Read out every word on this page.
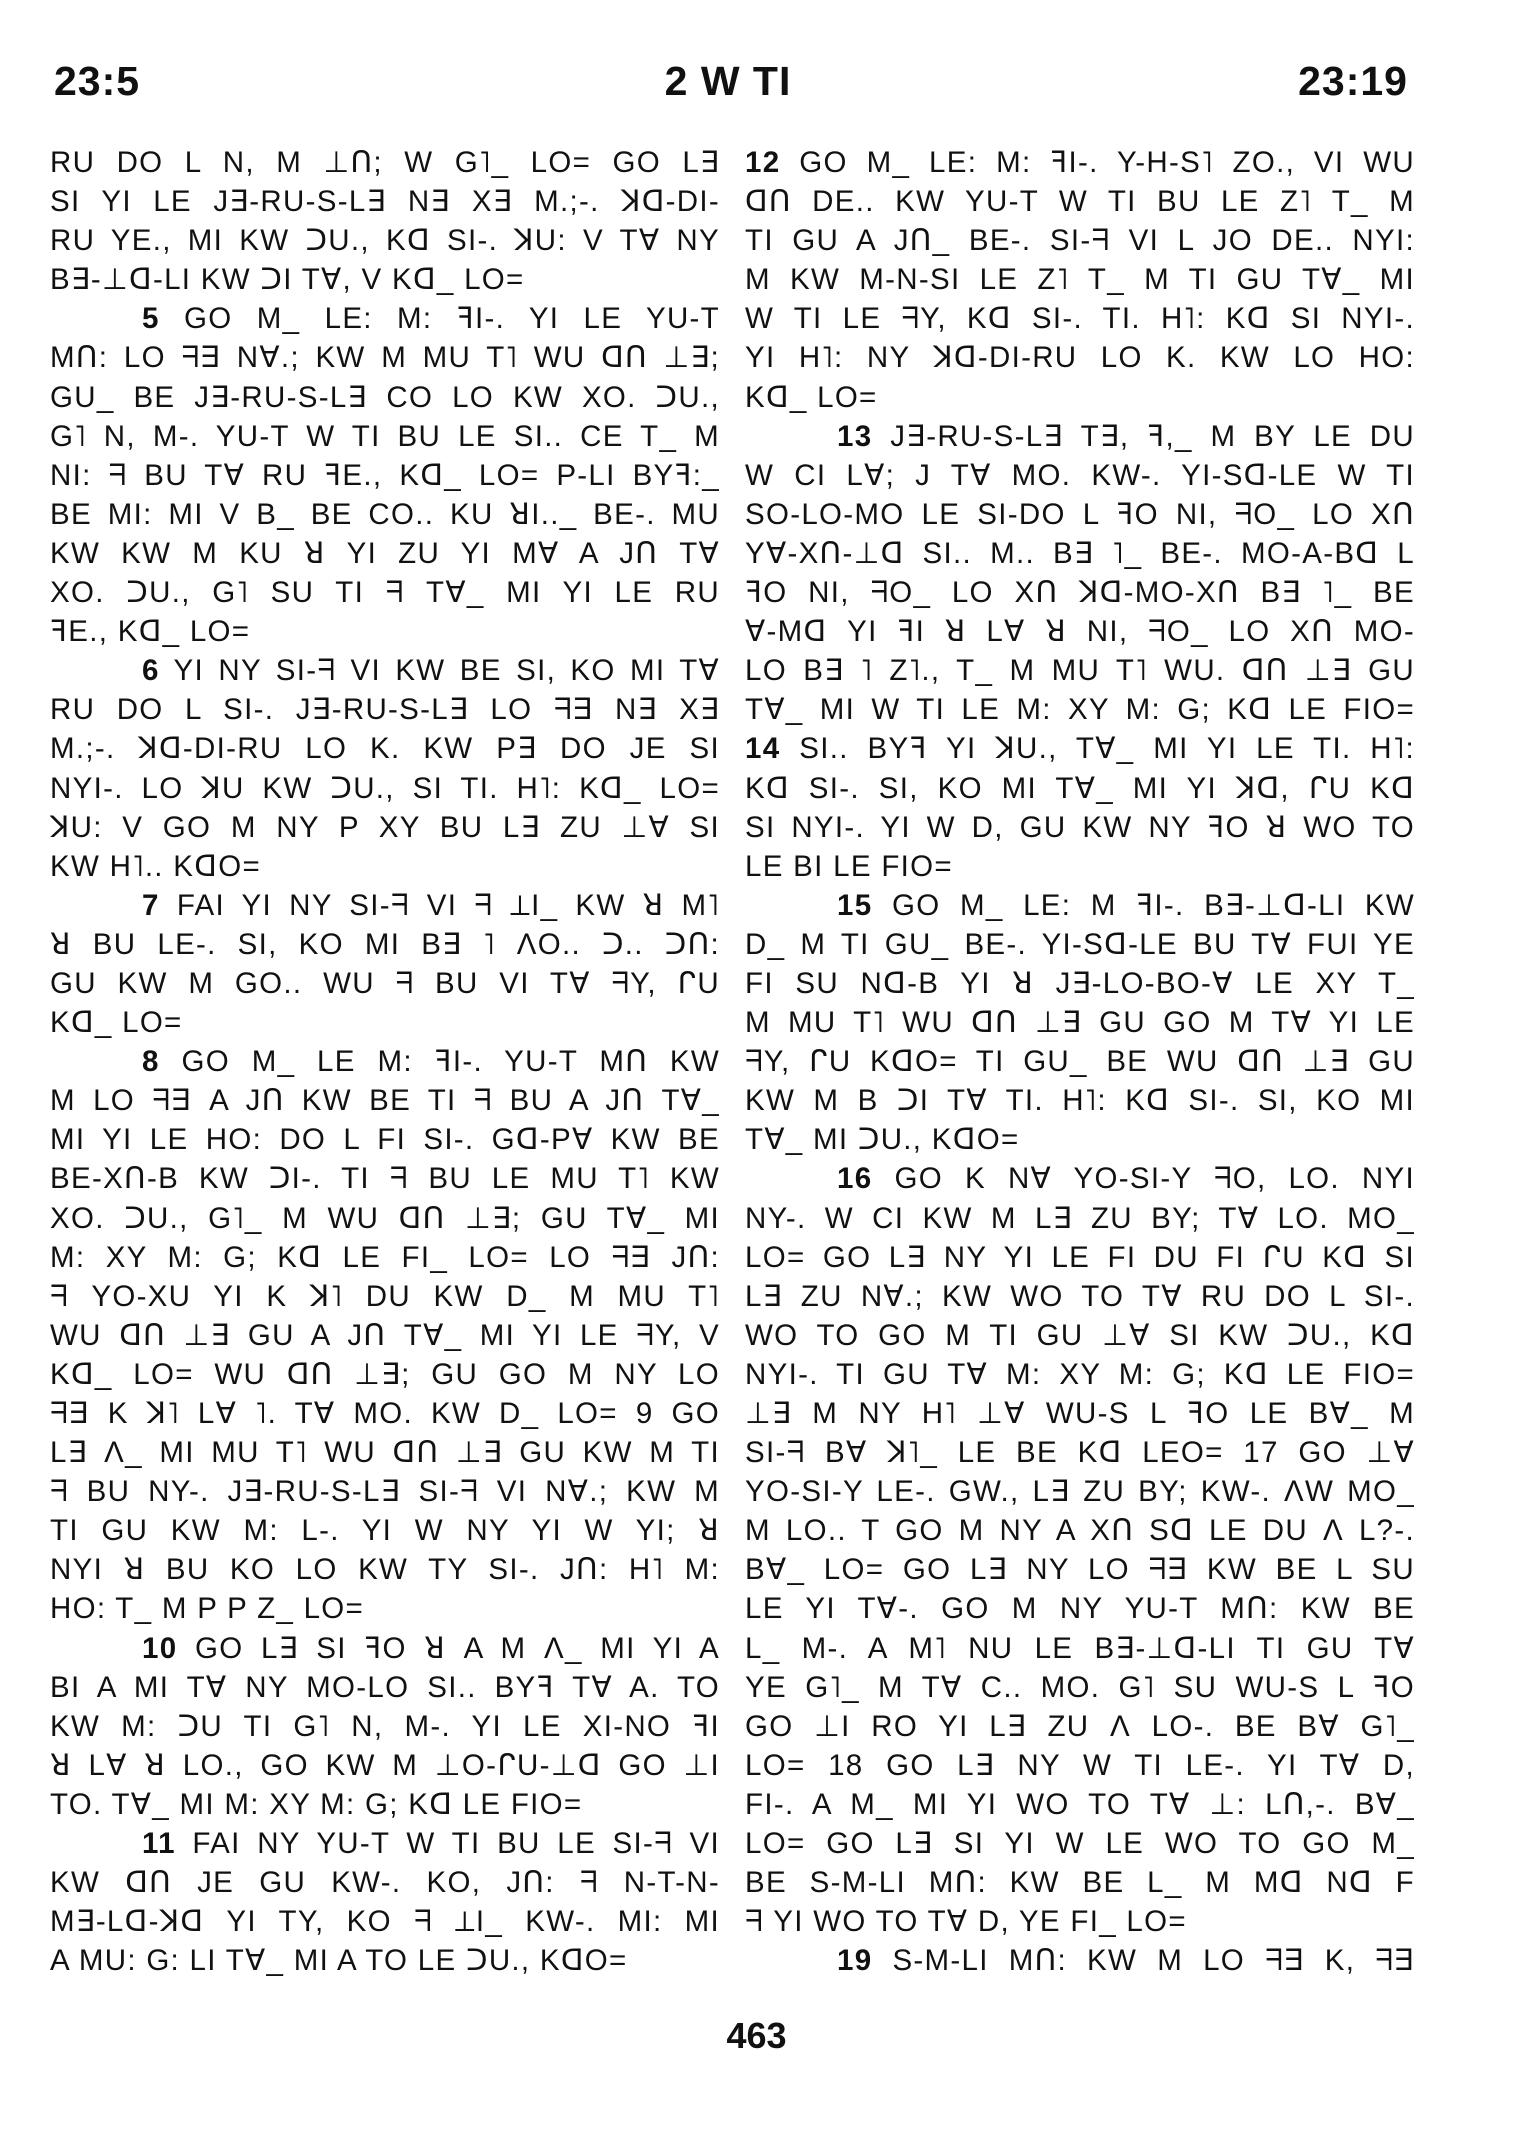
23:5	2 W TI	23:19
RU DO L N, M ⊥ᑎ; W G˥_ LO= GO L∃
SI YI LE J∃-RU-S-L∃ N∃ X∃ M.;-. ꓘᗡ-DI-
RU YE., MI KW ᑐU., Kᗡ SI-. ꓘU: V TⱯ NY
B∃-⊥ᗡ-LI KW ᑐI TⱯ, V Kᗡ_ LO=
5 GO M_ LE: M: ꟻI-. YI LE YU-T
Mᑎ: LO ᖷ∃ NⱯ.; KW M MU T˥ WU ᗡᑎ ⊥∃;
GU_ BE J∃-RU-S-L∃ CO LO KW XO. ᑐU.,
G˥ N, M-. YU-T W TI BU LE SI.. CE T_ M
NI: ᖷ BU TⱯ RU ꟻE., Kᗡ_ LO= P-LI BYꟻ:_
BE MI: MI V B_ BE CO.. KU ꓤI.._ BE-. MU
KW KW M KU ꓤ YI ZU YI MⱯ A Jᑎ TⱯ
XO. ᑐU., G˥ SU TI ᖷ TⱯ_ MI YI LE RU
ꟻE., Kᗡ_ LO=
6 YI NY SI-ᖷ VI KW BE SI, KO MI TⱯ
RU DO L SI-. J∃-RU-S-L∃ LO ᖷ∃ N∃ X∃
M.;-. ꓘᗡ-DI-RU LO K. KW P∃ DO JE SI
NYI-. LO ꓘU KW ᑐU., SI TI. H˥: Kᗡ_ LO=
ꓘU: V GO M NY P XY BU L∃ ZU ⊥Ɐ SI
KW H˥.. KᗡO=
7 FAI YI NY SI-ᖷ VI ᖷ ⊥I_ KW ꓤ M˥
ꓤ BU LE-. SI, KO MI B∃ ˥ ɅO.. ᑐ.. ᑐᑎ:
GU KW M GO.. WU ᖷ BU VI TⱯ ᖷY, ᒋU
Kᗡ_ LO=
8 GO M_ LE M: ꟻI-. YU-T Mᑎ KW
M LO ᖷ∃ A Jᑎ KW BE TI ᖷ BU A Jᑎ TⱯ_
MI YI LE HO: DO L FI SI-. Gᗡ-PⱯ KW BE
BE-Xᑎ-B KW ᑐI-. TI ᖷ BU LE MU T˥ KW
XO. ᑐU., G˥_ M WU ᗡᑎ ⊥∃; GU TⱯ_ MI
M: XY M: G; Kᗡ LE FI_ LO= LO ᖷ∃ Jᑎ:
ᖷ YO-XU YI K ꓘ˥ DU KW D_ M MU T˥
WU ᗡᑎ ⊥∃ GU A Jᑎ TⱯ_ MI YI LE ᖷY, V
Kᗡ_ LO= WU ᗡᑎ ⊥∃; GU GO M NY LO
ᖷ∃ K ꓘ˥ LⱯ ˥. TⱯ MO. KW D_ LO= 9 GO
L∃ Ʌ_ MI MU T˥ WU ᗡᑎ ⊥∃ GU KW M TI
ᖷ BU NY-. J∃-RU-S-L∃ SI-ᖷ VI NⱯ.; KW M
TI GU KW M: L-. YI W NY YI W YI; ꓤ
NYI ꓤ BU KO LO KW TY SI-. Jᑎ: H˥ M:
HO: T_ M P P Z_ LO=
10 GO L∃ SI ꟻO ꓤ A M Ʌ_ MI YI A
BI A MI TⱯ NY MO-LO SI.. BYꟻ TⱯ A. TO
KW M: ᑐU TI G˥ N, M-. YI LE XI-NO ꟻI
ꓤ LⱯ ꓤ LO., GO KW M ⊥O-ᒋU-⊥ᗡ GO ⊥I
TO. TⱯ_ MI M: XY M: G; Kᗡ LE FIO=
11 FAI NY YU-T W TI BU LE SI-ᖷ VI
KW ᗡᑎ JE GU KW-. KO, Jᑎ: ᖷ N-T-N-
M∃-Lᗡ-ꓘᗡ YI TY, KO ᖷ ⊥I_ KW-. MI: MI
A MU: G: LI TⱯ_ MI A TO LE ᑐU., KᗡO=
12 GO M_ LE: M: ꟻI-. Y-H-S˥ ZO., VI WU
ᗡᑎ DE.. KW YU-T W TI BU LE Z˥ T_ M
TI GU A Jᑎ_ BE-. SI-ᖷ VI L JO DE.. NYI:
M KW M-N-SI LE Z˥ T_ M TI GU TⱯ_ MI
W TI LE ᖷY, Kᗡ SI-. TI. H˥: Kᗡ SI NYI-.
YI H˥: NY ꓘᗡ-DI-RU LO K. KW LO HO:
Kᗡ_ LO=
13 J∃-RU-S-L∃ T∃, ꟻ,_ M BY LE DU
W CI LⱯ; J TⱯ MO. KW-. YI-Sᗡ-LE W TI
SO-LO-MO LE SI-DO L ꟻO NI, ᖷO_ LO Xᑎ
YⱯ-Xᑎ-⊥ᗡ SI.. M.. B∃ ˥_ BE-. MO-A-Bᗡ L
ꟻO NI, ᖷO_ LO Xᑎ ꓘᗡ-MO-Xᑎ B∃ ˥_ BE
Ɐ-Mᗡ YI ꟻI ꓤ LⱯ ꓤ NI, ᖷO_ LO Xᑎ MO-
LO B∃ ˥ Z˥., T_ M MU T˥ WU. ᗡᑎ ⊥∃ GU
TⱯ_ MI W TI LE M: XY M: G; Kᗡ LE FIO=
14 SI.. BYꟻ YI ꓘU., TⱯ_ MI YI LE TI. H˥:
Kᗡ SI-. SI, KO MI TⱯ_ MI YI ꓘᗡ, ᒋU Kᗡ
SI NYI-. YI W D, GU KW NY ꟻO ꓤ WO TO
LE BI LE FIO=
15 GO M_ LE: M ꟻI-. B∃-⊥ᗡ-LI KW
D_ M TI GU_ BE-. YI-Sᗡ-LE BU TⱯ FUI YE
FI SU Nᗡ-B YI ꓤ J∃-LO-BO-Ɐ LE XY T_
M MU T˥ WU ᗡᑎ ⊥∃ GU GO M TⱯ YI LE
ᖷY, ᒋU KᗡO= TI GU_ BE WU ᗡᑎ ⊥∃ GU
KW M B ᑐI TⱯ TI. H˥: Kᗡ SI-. SI, KO MI
TⱯ_ MI ᑐU., KᗡO=
16 GO K NⱯ YO-SI-Y ᖷO, LO. NYI
NY-. W CI KW M L∃ ZU BY; TⱯ LO. MO_
LO= GO L∃ NY YI LE FI DU FI ᒋU Kᗡ SI
L∃ ZU NⱯ.; KW WO TO TⱯ RU DO L SI-.
WO TO GO M TI GU ⊥Ɐ SI KW ᑐU., Kᗡ
NYI-. TI GU TⱯ M: XY M: G; Kᗡ LE FIO=
⊥∃ M NY H˥ ⊥Ɐ WU-S L ꟻO LE BⱯ_ M
SI-ᖷ BⱯ ꓘ˥_ LE BE Kᗡ LEO= 17 GO ⊥Ɐ
YO-SI-Y LE-. GW., L∃ ZU BY; KW-. ɅW MO_
M LO.. T GO M NY A Xᑎ Sᗡ LE DU Ʌ L?-.
BⱯ_ LO= GO L∃ NY LO ᖷ∃ KW BE L SU
LE YI TⱯ-. GO M NY YU-T Mᑎ: KW BE
L_ M-. A M˥ NU LE B∃-⊥ᗡ-LI TI GU TⱯ
YE G˥_ M TⱯ C.. MO. G˥ SU WU-S L ꟻO
GO ⊥I RO YI L∃ ZU Ʌ LO-. BE BⱯ G˥_
LO= 18 GO L∃ NY W TI LE-. YI TⱯ D,
FI-. A M_ MI YI WO TO TⱯ ⊥: Lᑎ,-. BⱯ_
LO= GO L∃ SI YI W LE WO TO GO M_
BE S-M-LI Mᑎ: KW BE L_ M Mᗡ Nᗡ F
ᖷ YI WO TO TⱯ D, YE FI_ LO=
19 S-M-LI Mᑎ: KW M LO ᖷ∃ K, ᖷ∃
463
